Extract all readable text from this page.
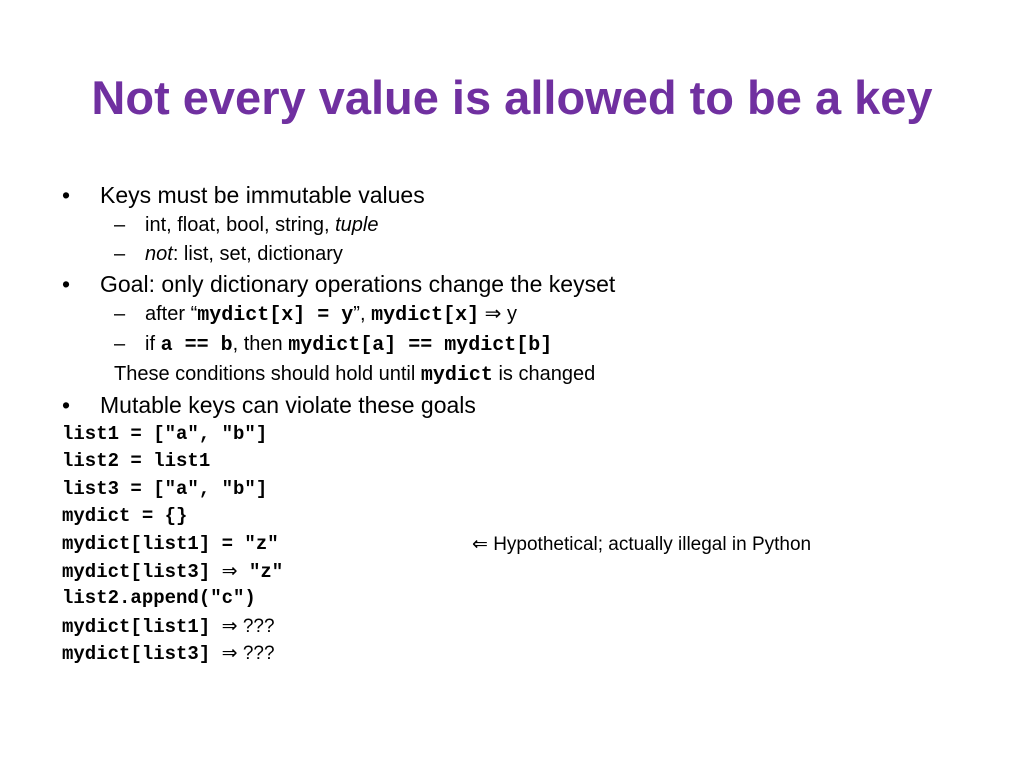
Not every value is allowed to be a key
•	Keys must be immutable values
– int, float, bool, string, tuple
– not: list, set, dictionary
•	Goal: only dictionary operations change the keyset
– after “mydict[x] = y”, mydict[x] ⇒ y
– if a == b, then mydict[a] == mydict[b]
These conditions should hold until mydict is changed
•	Mutable keys can violate these goals
list1 = ["a", "b"]
list2 = list1
list3 = ["a", "b"]
mydict = {}
mydict[list1] = "z"	⇐ Hypothetical; actually illegal in Python
mydict[list3] ⇒ "z"
list2.append("c")
mydict[list1] ⇒ ???
mydict[list3] ⇒ ???
